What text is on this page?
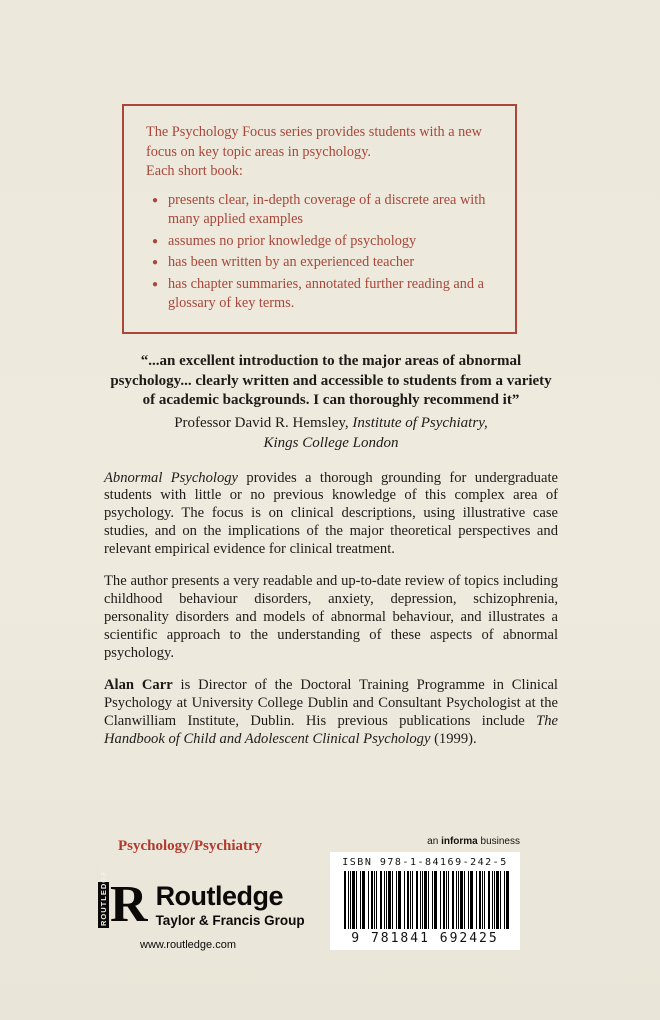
The Psychology Focus series provides students with a new focus on key topic areas in psychology.

Each short book:

● presents clear, in-depth coverage of a discrete area with many applied examples
● assumes no prior knowledge of psychology
● has been written by an experienced teacher
● has chapter summaries, annotated further reading and a glossary of key terms.
“...an excellent introduction to the major areas of abnormal psychology... clearly written and accessible to students from a variety of academic backgrounds. I can thoroughly recommend it”
Professor David R. Hemsley, Institute of Psychiatry,
Kings College London

Abnormal Psychology provides a thorough grounding for undergraduate students with little or no previous knowledge of this complex area of psychology. The focus is on clinical descriptions, using illustrative case studies, and on the implications of the major theoretical perspectives and relevant empirical evidence for clinical treatment.

The author presents a very readable and up-to-date review of topics including childhood behaviour disorders, anxiety, depression, schizophrenia, personality disorders and models of abnormal behaviour, and illustrates a scientific approach to the understanding of these aspects of abnormal psychology.

Alan Carr is Director of the Doctoral Training Programme in Clinical Psychology at University College Dublin and Consultant Psychologist at the Clanwilliam Institute, Dublin. His previous publications include The Handbook of Child and Adolescent Clinical Psychology (1999).

Psychology/Psychiatry	an informa business
ISBN 978-1-84169-242-5
9 781841 692425
ROUTLEDGE R Routledge
Taylor & Francis Group
www.routledge.com
